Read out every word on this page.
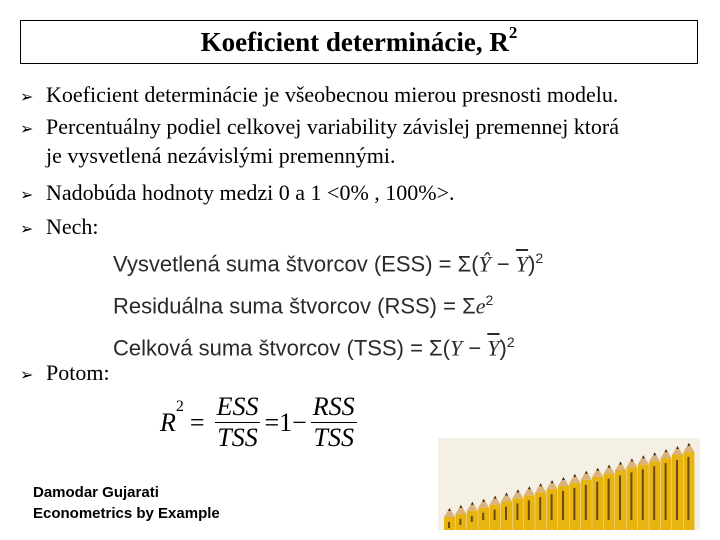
Koeficient determinácie, $R^2$
➢ Koeficient determinácie je všeobecnou mierou presnosti modelu.
➢ Percentuálny podiel celkovej variability závislej premennej ktorá
je vysvetlená nezávislými premennými.
➢ Nadobúda hodnoty medzi 0 a 1 <0% , 100%>.
➢ Nech:
➢ Potom:
Vysvetlená suma štvorcov (ESS) = Σ(Ŷ − $\overline{Y})^2$
Residuálna suma štvorcov $(RSS) = \Sigma e^2$
Celková suma štvorcov $(TSS) = \Sigma(Y - \overline{Y})^2$
R
$^2$
=
ESS
TSS
=1−
RSS
TSS
Damodar Gujarati
Econometrics by Example
